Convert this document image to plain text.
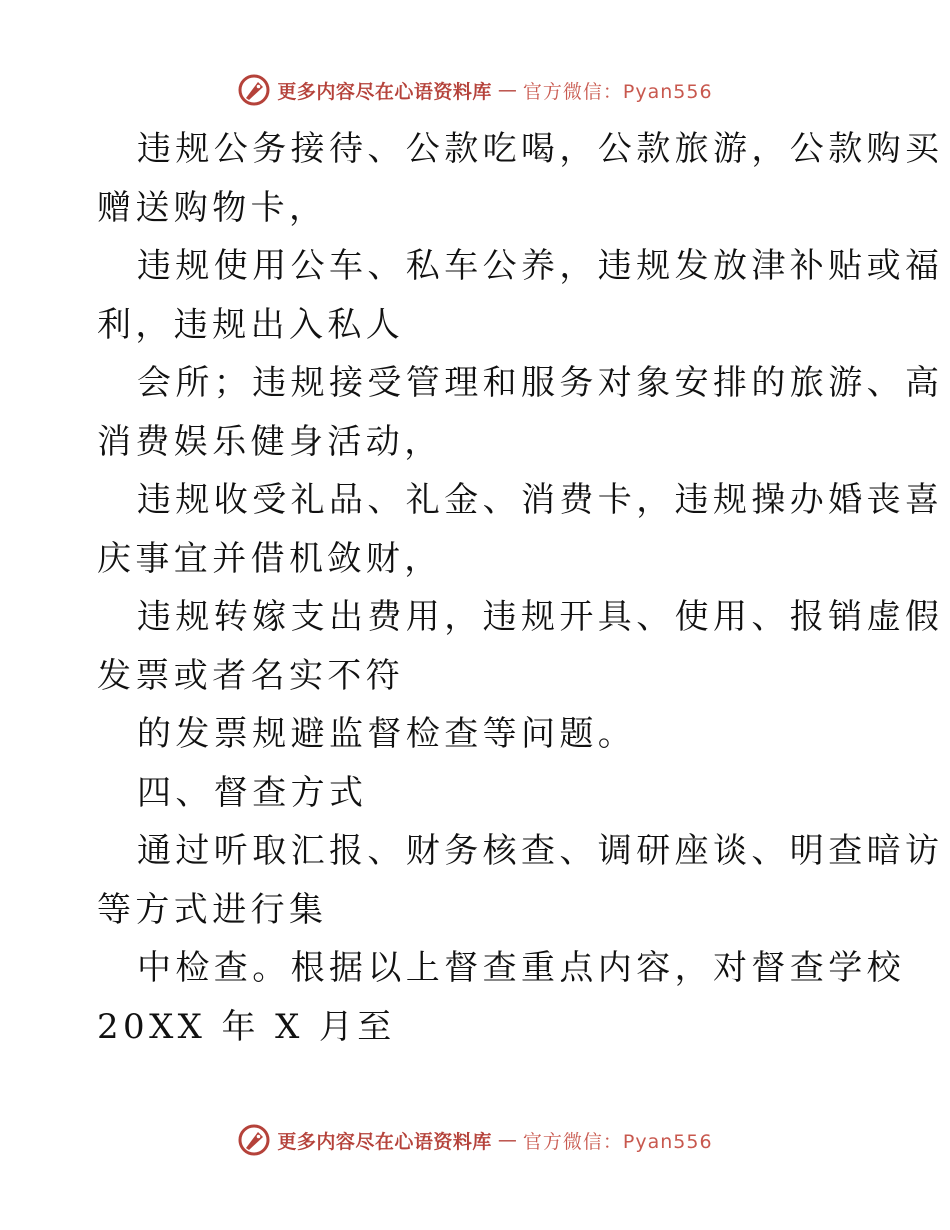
更多内容尽在心语资料库 — 官方微信：Pyan556
违规公务接待、公款吃喝，公款旅游，公款购买
赠送购物卡，
违规使用公车、私车公养，违规发放津补贴或福
利，违规出入私人
会所；违规接受管理和服务对象安排的旅游、高
消费娱乐健身活动，
违规收受礼品、礼金、消费卡，违规操办婚丧喜
庆事宜并借机敛财，
违规转嫁支出费用，违规开具、使用、报销虚假
发票或者名实不符
的发票规避监督检查等问题。
四、督查方式
通过听取汇报、财务核查、调研座谈、明查暗访
等方式进行集
中检查。根据以上督查重点内容，对督查学校
20XX 年 X 月至
更多内容尽在心语资料库 — 官方微信：Pyan556
